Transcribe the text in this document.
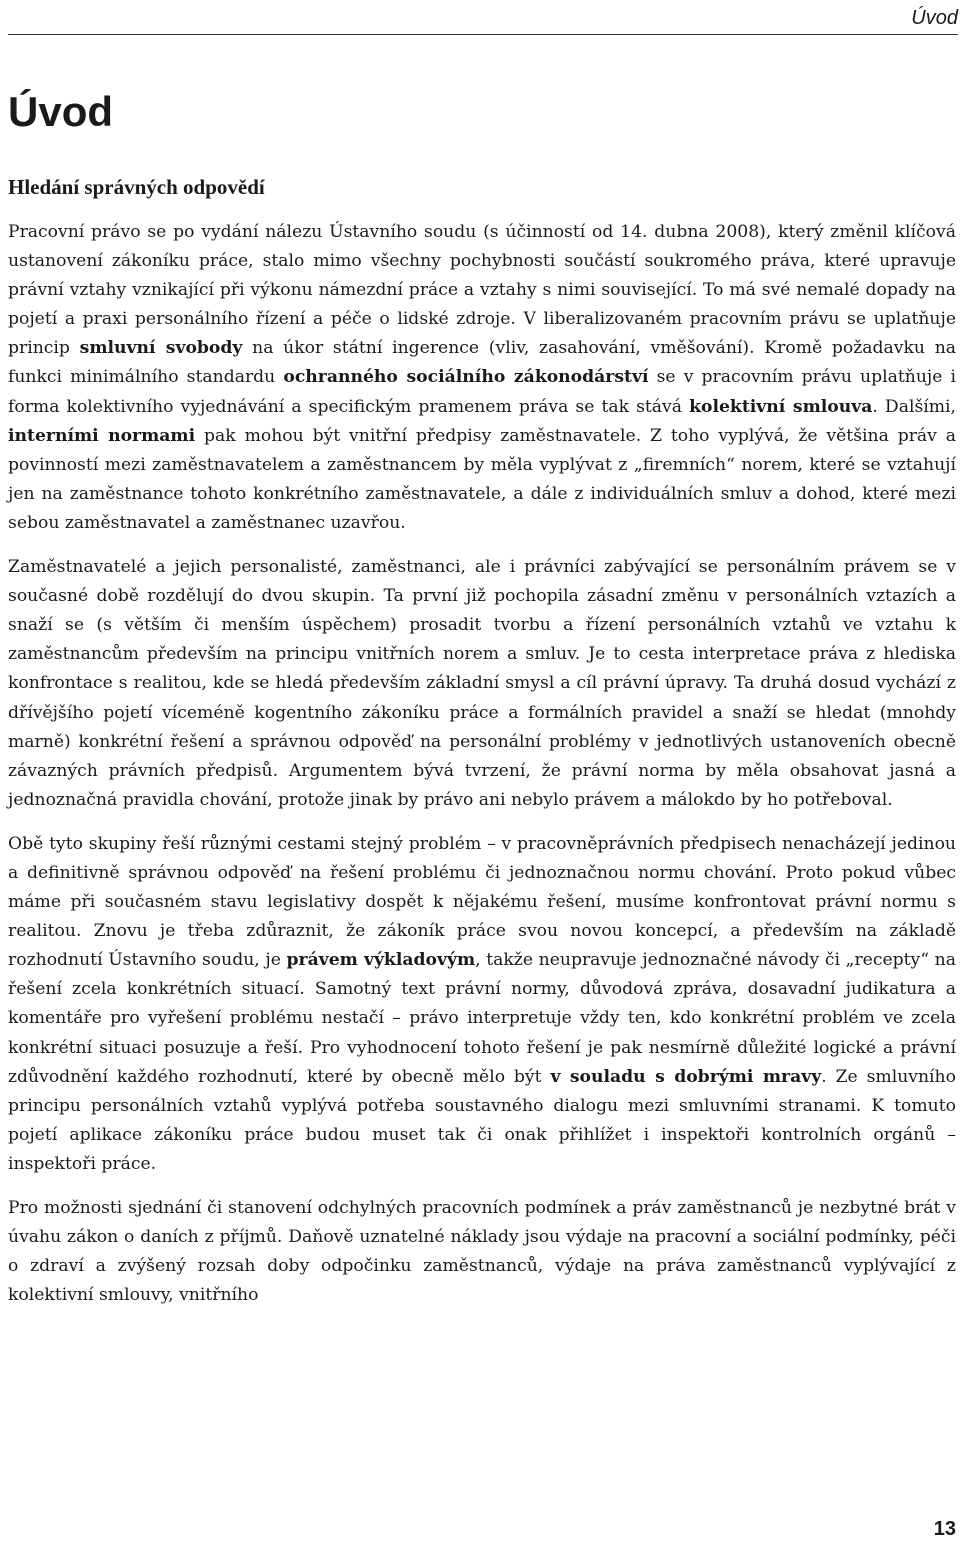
Úvod
Úvod
Hledání správných odpovědí

Pracovní právo se po vydání nálezu Ústavního soudu (s účinností od 14. dubna 2008), který změnil klíčová ustanovení zákoníku práce, stalo mimo všechny pochybnosti součástí soukromého práva, které upravuje právní vztahy vznikající při výkonu námezdní práce a vztahy s nimi související. To má své nemalé dopady na pojetí a praxi personálního řízení a péče o lidské zdroje. V liberalizovaném pracovním právu se uplatňuje princip smluvní svobody na úkor státní ingerence (vliv, zasahování, vměšování). Kromě požadavku na funkci minimálního standardu ochranného sociálního zákonodárství se v pracovním právu uplatňuje i forma kolektivního vyjednávání a specifickým pramenem práva se tak stává kolektivní smlouva. Dalšími, interními normami pak mohou být vnitřní předpisy zaměstnavatele. Z toho vyplývá, že většina práv a povinností mezi zaměstnavatelem a zaměstnancem by měla vyplývat z „firemních“ norem, které se vztahují jen na zaměstnance tohoto konkrétního zaměstnavatele, a dále z individuálních smluv a dohod, které mezi sebou zaměstnavatel a zaměstnanec uzavřou.

Zaměstnavatelé a jejich personalisté, zaměstnanci, ale i právníci zabývající se personálním právem se v současné době rozdělují do dvou skupin. Ta první již pochopila zásadní změnu v personálních vztazích a snaží se (s větším či menším úspěchem) prosadit tvorbu a řízení personálních vztahů ve vztahu k zaměstnancům především na principu vnitřních norem a smluv. Je to cesta interpretace práva z hlediska konfrontace s realitou, kde se hledá především základní smysl a cíl právní úpravy. Ta druhá dosud vychází z dřívějšího pojetí víceméně kogentního zákoníku práce a formálních pravidel a snaží se hledat (mnohdy marně) konkrétní řešení a správnou odpověď na personální problémy v jednotlivých ustanoveních obecně závazných právních předpisů. Argumentem bývá tvrzení, že právní norma by měla obsahovat jasná a jednoznačná pravidla chování, protože jinak by právo ani nebylo právem a málokdo by ho potřeboval.

Obě tyto skupiny řeší různými cestami stejný problém – v pracovněprávních předpisech nenacházejí jedinou a definitivně správnou odpověď na řešení problému či jednoznačnou normu chování. Proto pokud vůbec máme při současném stavu legislativy dospět k nějakému řešení, musíme konfrontovat právní normu s realitou. Znovu je třeba zdůraznit, že zákoník práce svou novou koncepcí, a především na základě rozhodnutí Ústavního soudu, je právem výkladovým, takže neupravuje jednoznačné návody či „recepty“ na řešení zcela konkrétních situací. Samotný text právní normy, důvodová zpráva, dosavadní judikatura a komentáře pro vyřešení problému nestačí – právo interpretuje vždy ten, kdo konkrétní problém ve zcela konkrétní situaci posuzuje a řeší. Pro vyhodnocení tohoto řešení je pak nesmírně důležité logické a právní zdůvodnění každého rozhodnutí, které by obecně mělo být v souladu s dobrými mravy. Ze smluvního principu personálních vztahů vyplývá potřeba soustavného dialogu mezi smluvními stranami. K tomuto pojetí aplikace zákoníku práce budou muset tak či onak přihlížet i inspektoři kontrolních orgánů – inspektoři práce.

Pro možnosti sjednání či stanovení odchylných pracovních podmínek a práv zaměstnanců je nezbytné brát v úvahu zákon o daních z příjmů. Daňově uznatelné náklady jsou výdaje na pracovní a sociální podmínky, péči o zdraví a zvýšený rozsah doby odpočinku zaměstnanců, výdaje na práva zaměstnanců vyplývající z kolektivní smlouvy, vnitřního

13
